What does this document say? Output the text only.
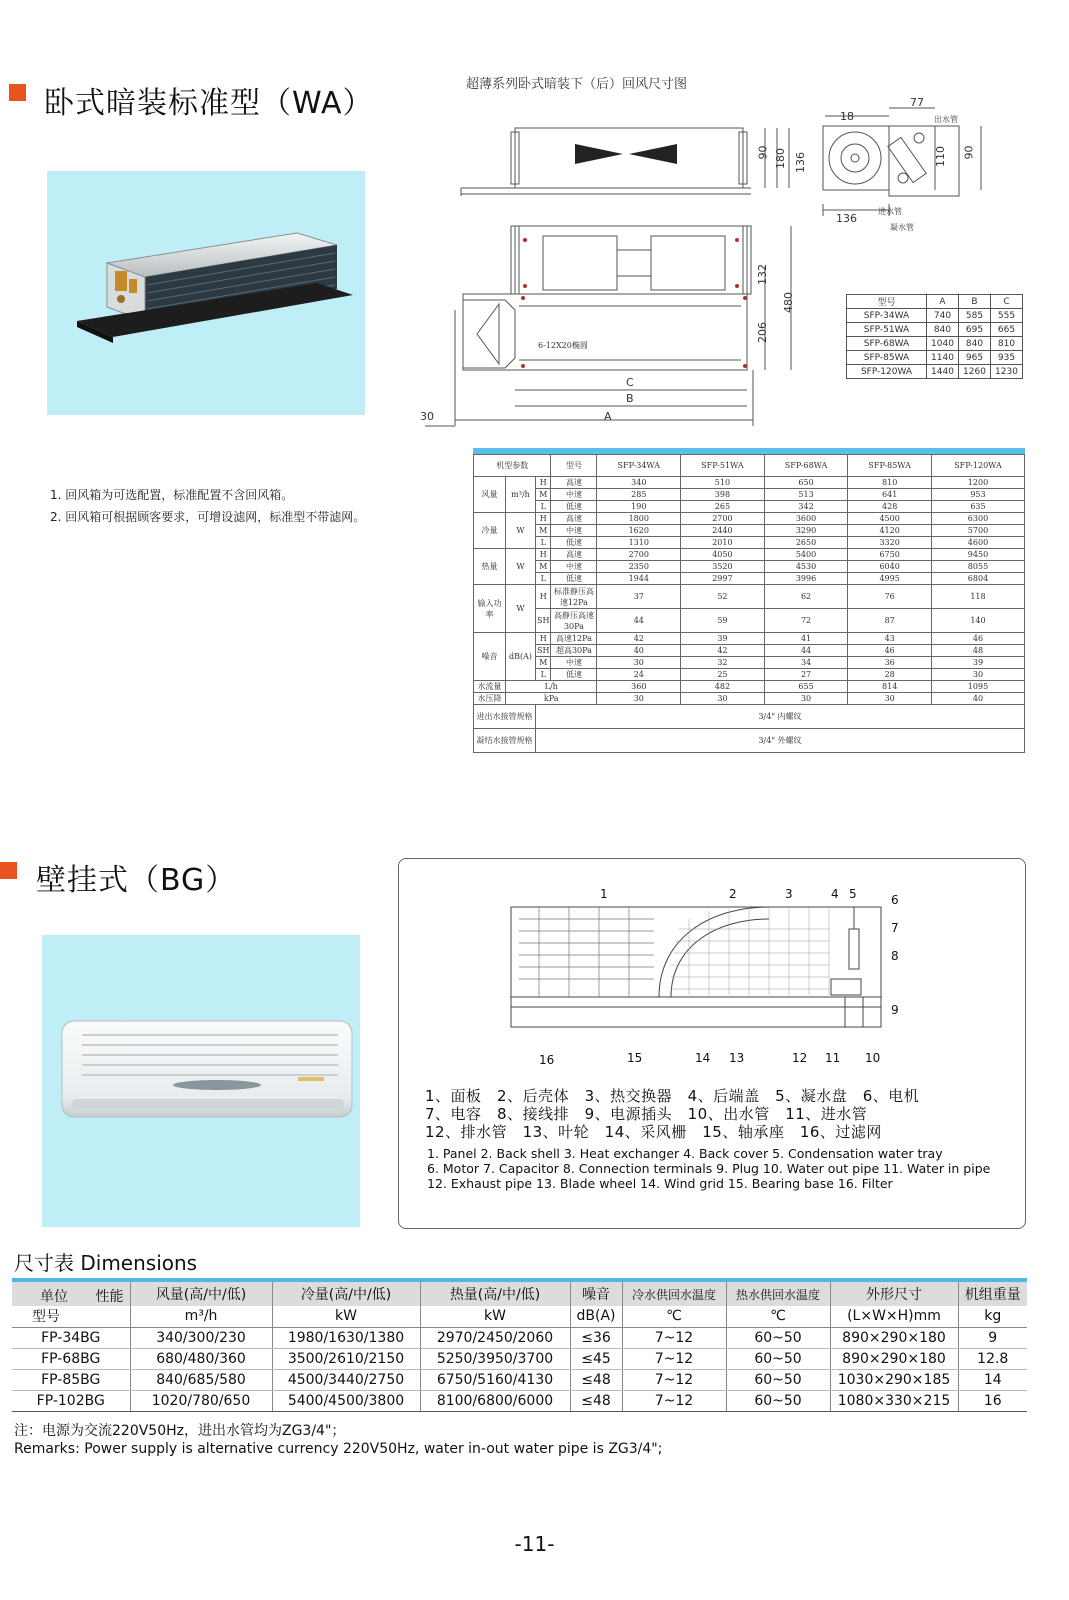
卧式暗装标准型（WA）
1. 回风箱为可选配置，标准配置不含回风箱。
2. 回风箱可根据顾客要求，可增设滤网，标准型不带滤网。
超薄系列卧式暗装下（后）回风尺寸图
18
77
90 180 136	110 90
136
出水管
进水管
凝水管
132
480
206
6-12X20椭圆
C
B
A
30
型号	A	B	C
SFP-34WA	740	585	555
SFP-51WA	840	695	665
SFP-68WA	1040	840	810
SFP-85WA	1140	965	935
SFP-120WA	1440	1260	1230
机型参数			型号	SFP-34WA	SFP-51WA	SFP-68WA	SFP-85WA	SFP-120WA
风量	m³/h	H	高速	340	510	650	810	1200
		M	中速	285	398	513	641	953
		L	低速	190	265	342	428	635
冷量	W	H	高速	1800	2700	3600	4500	6300
		M	中速	1620	2440	3290	4120	5700
		L	低速	1310	2010	2650	3320	4600
热量	W	H	高速	2700	4050	5400	6750	9450
		M	中速	2350	3520	4530	6040	8055
		L	低速	1944	2997	3996	4995	6804
输入功率	W	H	标准静压高速12Pa	37	52	62	76	118
		SH	高静压高速30Pa	44	59	72	87	140
噪音	dB(A)	H	高速12Pa	42	39	41	43	46
		SH	超高30Pa	40	42	44	46	48
		M	中速	30	32	34	36	39
		L	低速	24	25	27	28	30
水流量	L/h			360	482	655	814	1095
水压降	kPa			30	30	30	30	40
进出水接管规格		3/4" 内螺纹						
凝结水接管规格		3/4" 外螺纹						
壁挂式（BG）	1	2	3	4 5	6
7
8
9
10
11
12
13
14
15
16
1、面板　2、后壳体　3、热交换器　4、后端盖　5、凝水盘　6、电机
7、电容　8、接线排　9、电源插头　10、出水管　11、进水管
12、排水管　13、叶轮　14、采风栅　15、轴承座　16、过滤网
1. Panel 2. Back shell 3. Heat exchanger 4. Back cover 5. Condensation water tray
6. Motor 7. Capacitor 8. Connection terminals 9. Plug 10. Water out pipe 11. Water in pipe
12. Exhaust pipe 13. Blade wheel 14. Wind grid 15. Bearing base 16. Filter
尺寸表 Dimensions
单位 性能	风量(高/中/低)	冷量(高/中/低)	热量(高/中/低)	噪音	冷水供回水温度	热水供回水温度	外形尺寸	机组重量
型号	m³/h	kW	kW	dB(A)	℃	℃	(L×W×H)mm	kg
FP-34BG	340/300/230	1980/1630/1380	2970/2450/2060	≤36	7~12	60~50	890×290×180	9
FP-68BG	680/480/360	3500/2610/2150	5250/3950/3700	≤45	7~12	60~50	890×290×180	12.8
FP-85BG	840/685/580	4500/3440/2750	6750/5160/4130	≤48	7~12	60~50	1030×290×185	14
FP-102BG	1020/780/650	5400/4500/3800	8100/6800/6000	≤48	7~12	60~50	1080×330×215	16
注：电源为交流220V50Hz，进出水管均为ZG3/4"；
Remarks: Power supply is alternative currency 220V50Hz, water in-out water pipe is ZG3/4";
-11-
